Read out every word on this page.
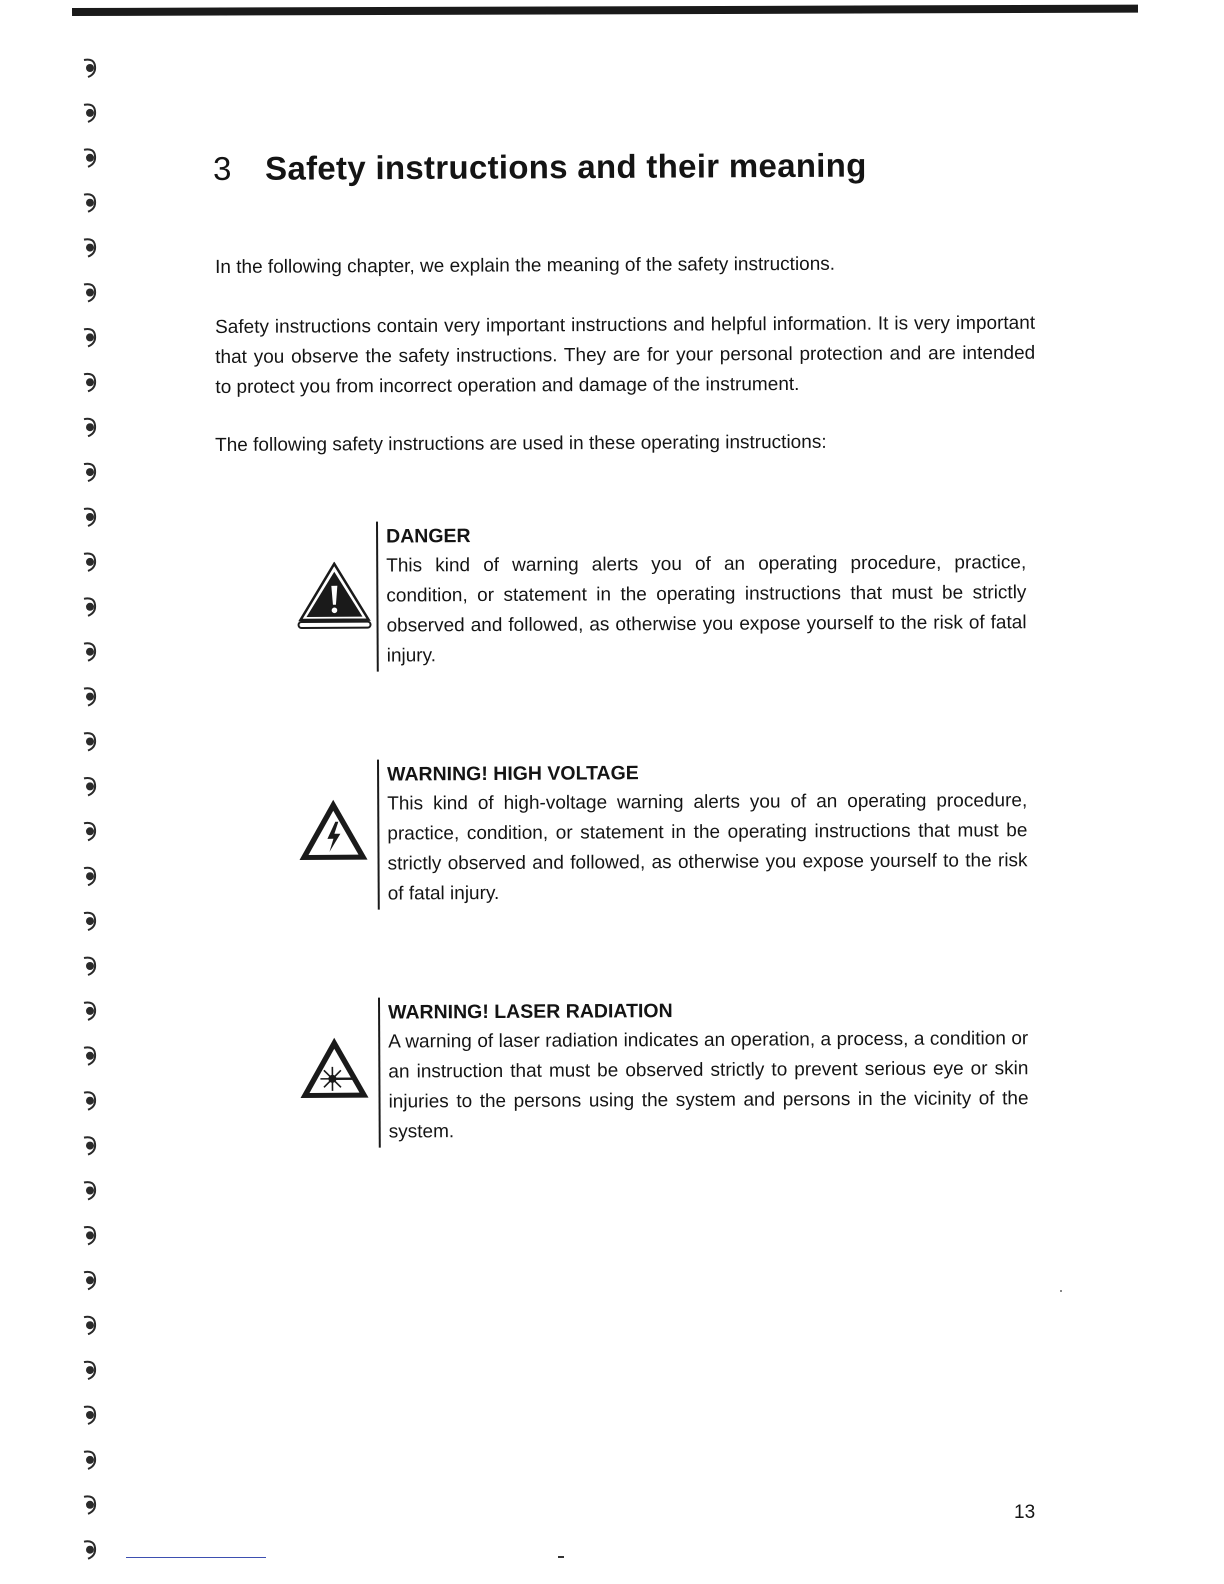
3 Safety instructions and their meaning
In the following chapter, we explain the meaning of the safety instructions.
Safety instructions contain very important instructions and helpful information. It is very important that you observe the safety instructions. They are for your personal protection and are intended to protect you from incorrect operation and damage of the instrument.
The following safety instructions are used in these operating instructions:
DANGER
This kind of warning alerts you of an operating procedure, practice, condition, or statement in the operating instructions that must be strictly observed and followed, as otherwise you expose yourself to the risk of fatal injury.
WARNING! HIGH VOLTAGE
This kind of high-voltage warning alerts you of an operating procedure, practice, condition, or statement in the operating instructions that must be strictly observed and followed, as otherwise you expose yourself to the risk of fatal injury.
WARNING! LASER RADIATION
A warning of laser radiation indicates an operation, a process, a condition or an instruction that must be observed strictly to prevent serious eye or skin injuries to the persons using the system and persons in the vicinity of the system.
13
